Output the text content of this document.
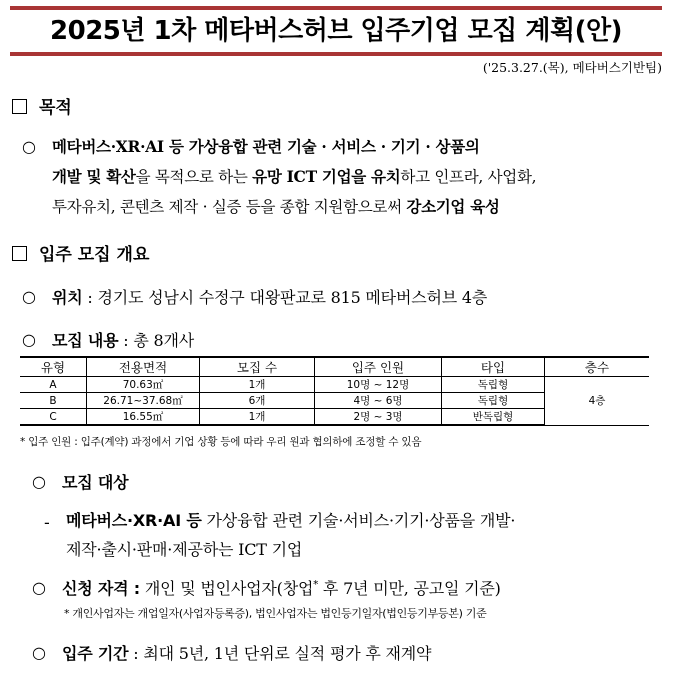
2025년 1차 메타버스허브 입주기업 모집 계획(안)
('25.3.27.(목), 메타버스기반팀)
목적
○ 메타버스·XR·AI 등 가상융합 관련 기술 · 서비스 · 기기 · 상품의
개발 및 확산을 목적으로 하는 유망 ICT 기업을 유치하고 인프라, 사업화,
투자유치, 콘텐츠 제작 · 실증 등을 종합 지원함으로써 강소기업 육성
입주 모집 개요
○ 위치 : 경기도 성남시 수정구 대왕판교로 815 메타버스허브 4층
○ 모집 내용 : 총 8개사
유형	전용면적	모집 수	입주 인원	타입	층수
A	70.63㎡	1개	10명 ~ 12명	독립형	4층
B	26.71~37.68㎡	6개	4명 ~ 6명	독립형	
C	16.55㎡	1개	2명 ~ 3명	반독립형	
* 입주 인원 : 입주(계약) 과정에서 기업 상황 등에 따라 우리 원과 협의하에 조정할 수 있음
○ 모집 대상
- 메타버스·XR·AI 등 가상융합 관련 기술·서비스·기기·상품을 개발·
제작·출시·판매·제공하는 ICT 기업
○ 신청 자격 : 개인 및 법인사업자(창업* 후 7년 미만, 공고일 기준)
* 개인사업자는 개업일자(사업자등록증), 법인사업자는 법인등기일자(법인등기부등본) 기준
○ 입주 기간 : 최대 5년, 1년 단위로 실적 평가 후 재계약
